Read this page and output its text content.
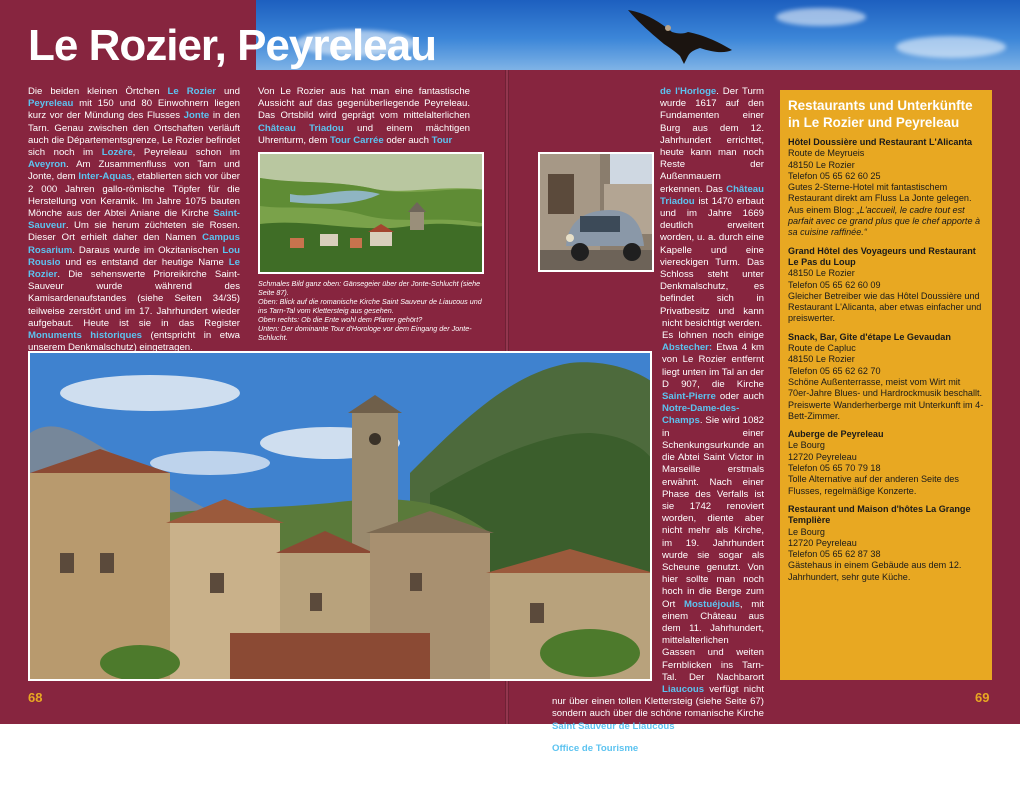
Le Rozier, Peyreleau

Die beiden kleinen Örtchen Le Rozier und Peyreleau mit 150 und 80 Einwohnern liegen kurz vor der Mündung des Flusses Jonte in den Tarn. Genau zwischen den Ortschaften verläuft auch die Départementsgrenze, Le Rozier befindet sich noch im Lozère, Peyreleau schon im Aveyron. Am Zusammenfluss von Tarn und Jonte, dem Inter-Aquas, etablierten sich vor über 2 000 Jahren gallo-römische Töpfer für die Herstellung von Keramik. Im Jahre 1075 bauten Mönche aus der Abtei Aniane die Kirche Saint-Sauveur. Um sie herum züchteten sie Rosen. Dieser Ort erhielt daher den Namen Campus Rosarium. Daraus wurde im Okzitanischen Lou Rousio und es entstand der heutige Name Le Rozier. Die sehenswerte Prioreikirche Saint-Sauveur wurde während des Kamisardenaufstandes (siehe Seiten 34/35) teilweise zerstört und im 17. Jahrhundert wieder aufgebaut. Heute ist sie in das Register Monuments historiques (entspricht in etwa unserem Denkmalschutz) eingetragen.

Von Le Rozier aus hat man eine fantastische Aussicht auf das gegenüberliegende Peyreleau. Das Ortsbild wird geprägt vom mittelalterlichen Château Triadou und einem mächtigen Uhrenturm, dem Tour Carrée oder auch Tour

Schmales Bild ganz oben: Gänsegeier über der Jonte-Schlucht (siehe Seite 87).
Oben: Blick auf die romanische Kirche Saint Sauveur de Liaucous und ins Tarn-Tal vom Klettersteig aus gesehen.
Oben rechts: Ob die Ente wohl dem Pfarrer gehört?
Unten: Der dominante Tour d'Horologe vor dem Eingang der Jonte-Schlucht.

de l'Horloge. Der Turm wurde 1617 auf den Fundamenten einer Burg aus dem 12. Jahrhundert errichtet, heute kann man noch Reste der Außenmauern erkennen. Das Château Triadou ist 1470 erbaut und im Jahre 1669 deutlich erweitert worden, u. a. durch eine Kapelle und eine viereckigen Turm. Das Schloss steht unter Denkmalschutz, es befindet sich in Privatbesitz und kann nicht besichtigt werden.

Es lohnen noch einige Abstecher: Etwa 4 km von Le Rozier entfernt liegt unten im Tal an der D 907, die Kirche Saint-Pierre oder auch Notre-Dame-des-Champs. Sie wird 1082 in einer Schenkungsurkunde an die Abtei Saint Victor in Marseille erstmals erwähnt. Nach einer Phase des Verfalls ist sie 1742 renoviert worden, diente aber nicht mehr als Kirche, im 19. Jahrhundert wurde sie sogar als Scheune genutzt. Von hier sollte man noch hoch in die Berge zum Ort Mostuéjouls, mit einem Château aus dem 11. Jahrhundert, mittelalterlichen Gassen und weiten Fernblicken ins Tarn-Tal. Der Nachbarort Liaucous verfügt nicht nur über einen tollen Klettersteig (siehe Seite 67) sondern auch über die schöne romanische Kirche Saint Sauveur de Liaucous.

Office de Tourisme
Route de Meyrueis
48150 Le Rozier
Telefon 05 65 62 60 89
Restaurants und Unterkünfte in Le Rozier und Peyreleau
Hôtel Doussière und Restaurant L'Alicanta
Route de Meyrueis
48150 Le Rozier
Telefon 05 65 62 60 25
Gutes 2-Sterne-Hotel mit fantastischem Restaurant direkt am Fluss La Jonte gelegen. Aus einem Blog: „L'accueil, le cadre tout est parfait avec ce grand plus que le chef apporte à sa cuisine raffinée.“
Grand Hôtel des Voyageurs und Restaurant Le Pas du Loup
48150 Le Rozier
Telefon 05 65 62 60 09
Gleicher Betreiber wie das Hôtel Doussière und Restaurant L'Alicanta, aber etwas einfacher und preiswerter.
Snack, Bar, Gite d'étape Le Gevaudan
Route de Capluc
48150 Le Rozier
Telefon 05 65 62 62 70
Schöne Außenterrasse, meist vom Wirt mit 70er-Jahre Blues- und Hardrockmusik beschallt. Preiswerte Wanderherberge mit Unterkunft im 4-Bett-Zimmer.
Auberge de Peyreleau
Le Bourg
12720 Peyreleau
Telefon 05 65 70 79 18
Tolle Alternative auf der anderen Seite des Flusses, regelmäßige Konzerte.
Restaurant und Maison d'hôtes La Grange Templière
Le Bourg
12720 Peyreleau
Telefon 05 65 62 87 38
Gästehaus in einem Gebäude aus dem 12. Jahrhundert, sehr gute Küche.
68	69
